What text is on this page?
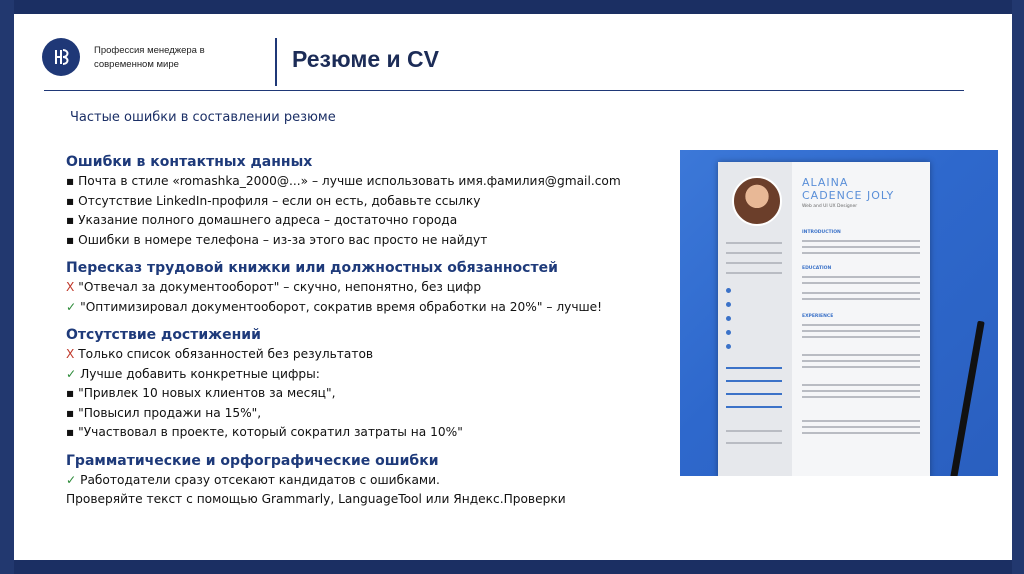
Профессия менеджера в
современном мире	Резюме и CV
Частые ошибки в составлении резюме
Ошибки в контактных данных
▪ Почта в стиле «romashka_2000@...» – лучше использовать имя.фамилия@gmail.com
▪ Отсутствие LinkedIn-профиля – если он есть, добавьте ссылку
▪ Указание полного домашнего адреса – достаточно города
▪ Ошибки в номере телефона – из-за этого вас просто не найдут
Пересказ трудовой книжки или должностных обязанностей
X "Отвечал за документооборот" – скучно, непонятно, без цифр
✓ "Оптимизировал документооборот, сократив время обработки на 20%" – лучше!
Отсутствие достижений
X Только список обязанностей без результатов
✓ Лучше добавить конкретные цифры:
▪ "Привлек 10 новых клиентов за месяц",
▪ "Повысил продажи на 15%",
▪ "Участвовал в проекте, который сократил затраты на 10%"
Грамматические и орфографические ошибки
✓ Работодатели сразу отсекают кандидатов с ошибками.
Проверяйте текст с помощью Grammarly, LanguageTool или Яндекс.Проверки
ALAINA
CADENCE JOLY
Web and UI UX Designer
INTRODUCTION
EDUCATION
EXPERIENCE
